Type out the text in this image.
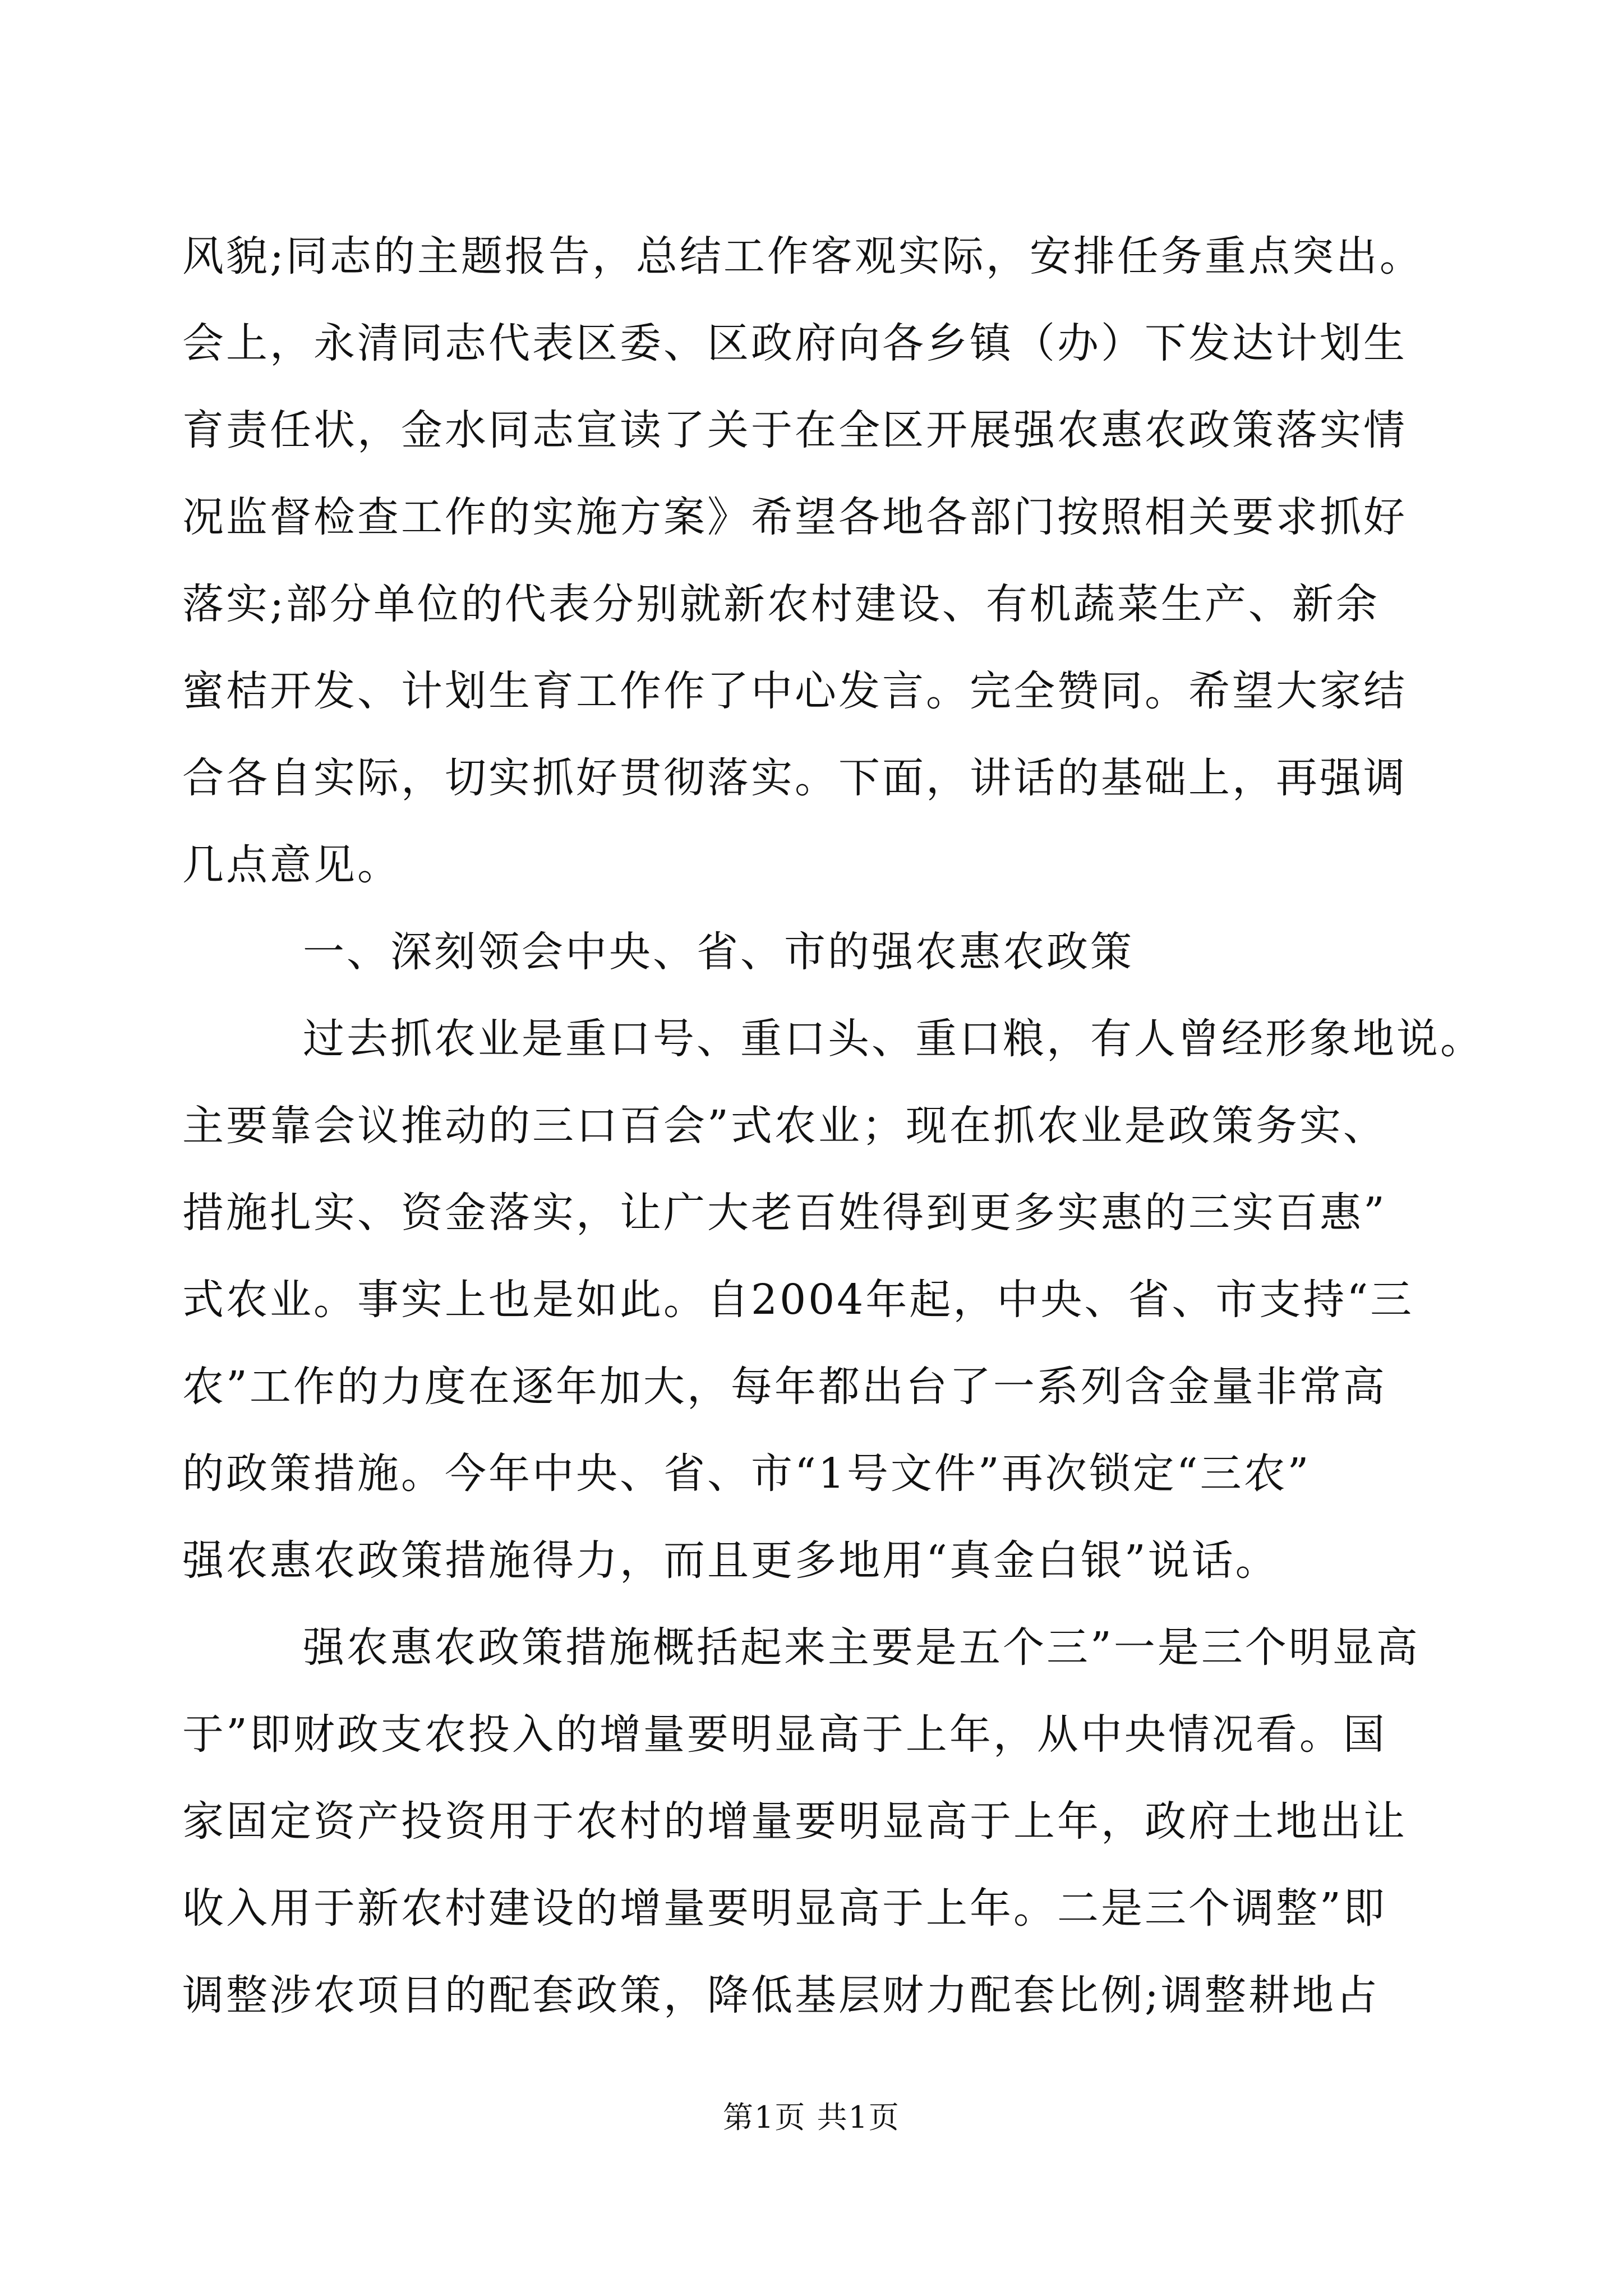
风貌;同志的主题报告，总结工作客观实际，安排任务重点突出。
会上，永清同志代表区委、区政府向各乡镇（办）下发达计划生
育责任状，金水同志宣读了关于在全区开展强农惠农政策落实情
况监督检查工作的实施方案》希望各地各部门按照相关要求抓好
落实;部分单位的代表分别就新农村建设、有机蔬菜生产、新余
蜜桔开发、计划生育工作作了中心发言。完全赞同。希望大家结
合各自实际，切实抓好贯彻落实。下面，讲话的基础上，再强调
几点意见。
一、深刻领会中央、省、市的强农惠农政策
过去抓农业是重口号、重口头、重口粮，有人曾经形象地说。
主要靠会议推动的三口百会”式农业；现在抓农业是政策务实、
措施扎实、资金落实，让广大老百姓得到更多实惠的三实百惠”
式农业。事实上也是如此。自2004年起，中央、省、市支持“三
农”工作的力度在逐年加大，每年都出台了一系列含金量非常高
的政策措施。今年中央、省、市“1号文件”再次锁定“三农”
强农惠农政策措施得力，而且更多地用“真金白银”说话。
强农惠农政策措施概括起来主要是五个三”一是三个明显高
于”即财政支农投入的增量要明显高于上年，从中央情况看。国
家固定资产投资用于农村的增量要明显高于上年，政府土地出让
收入用于新农村建设的增量要明显高于上年。二是三个调整”即
调整涉农项目的配套政策，降低基层财力配套比例;调整耕地占
第1页 共1页
